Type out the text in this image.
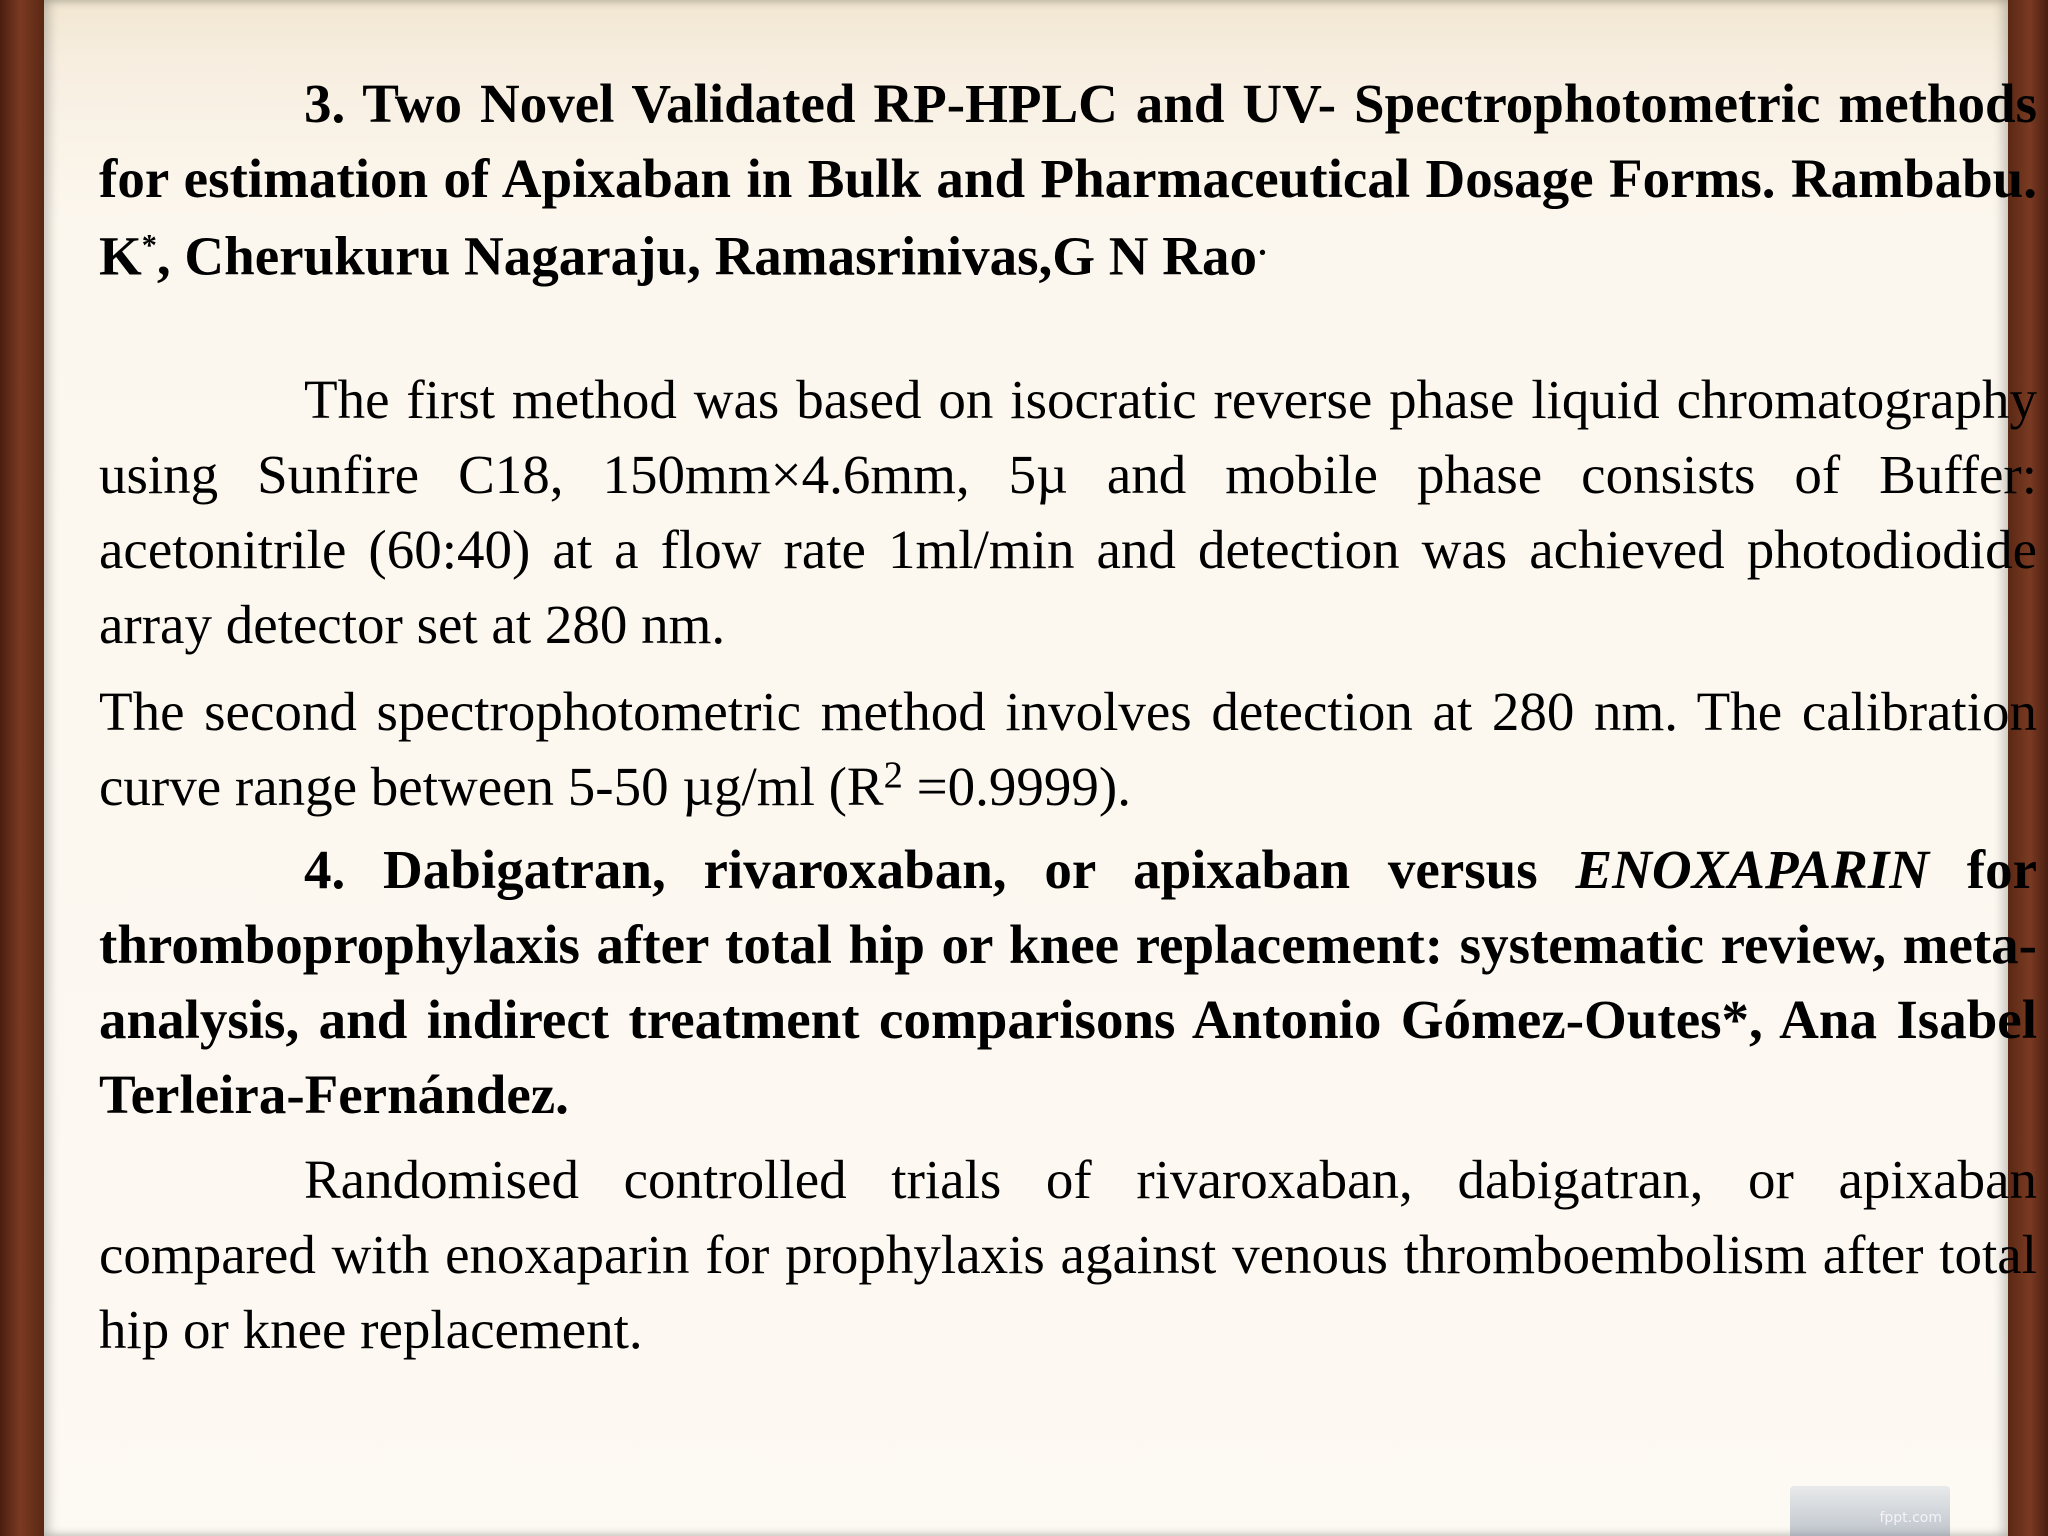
3. Two Novel Validated RP-HPLC and UV- Spectrophotometric methods for estimation of Apixaban in Bulk and Pharmaceutical Dosage Forms. Rambabu. K*, Cherukuru Nagaraju, Ramasrinivas,G N Rao·

The first method was based on isocratic reverse phase liquid chromatography using Sunfire C18, 150mm×4.6mm, 5µ and mobile phase consists of Buffer: acetonitrile (60:40) at a flow rate 1ml/min and detection was achieved photodiodide array detector set at 280 nm.

The second spectrophotometric method involves detection at 280 nm. The calibration curve range between 5-50 µg/ml $(R^2 =0.9999)$.

4. Dabigatran, rivaroxaban, or apixaban versus ENOXAPARIN for thromboprophylaxis after total hip or knee replacement: systematic review, meta-analysis, and indirect treatment comparisons Antonio Gómez-Outes*, Ana Isabel Terleira-Fernández.

Randomised controlled trials of rivaroxaban, dabigatran, or apixaban compared with enoxaparin for prophylaxis against venous thromboembolism after total hip or knee replacement.

fppt.com
